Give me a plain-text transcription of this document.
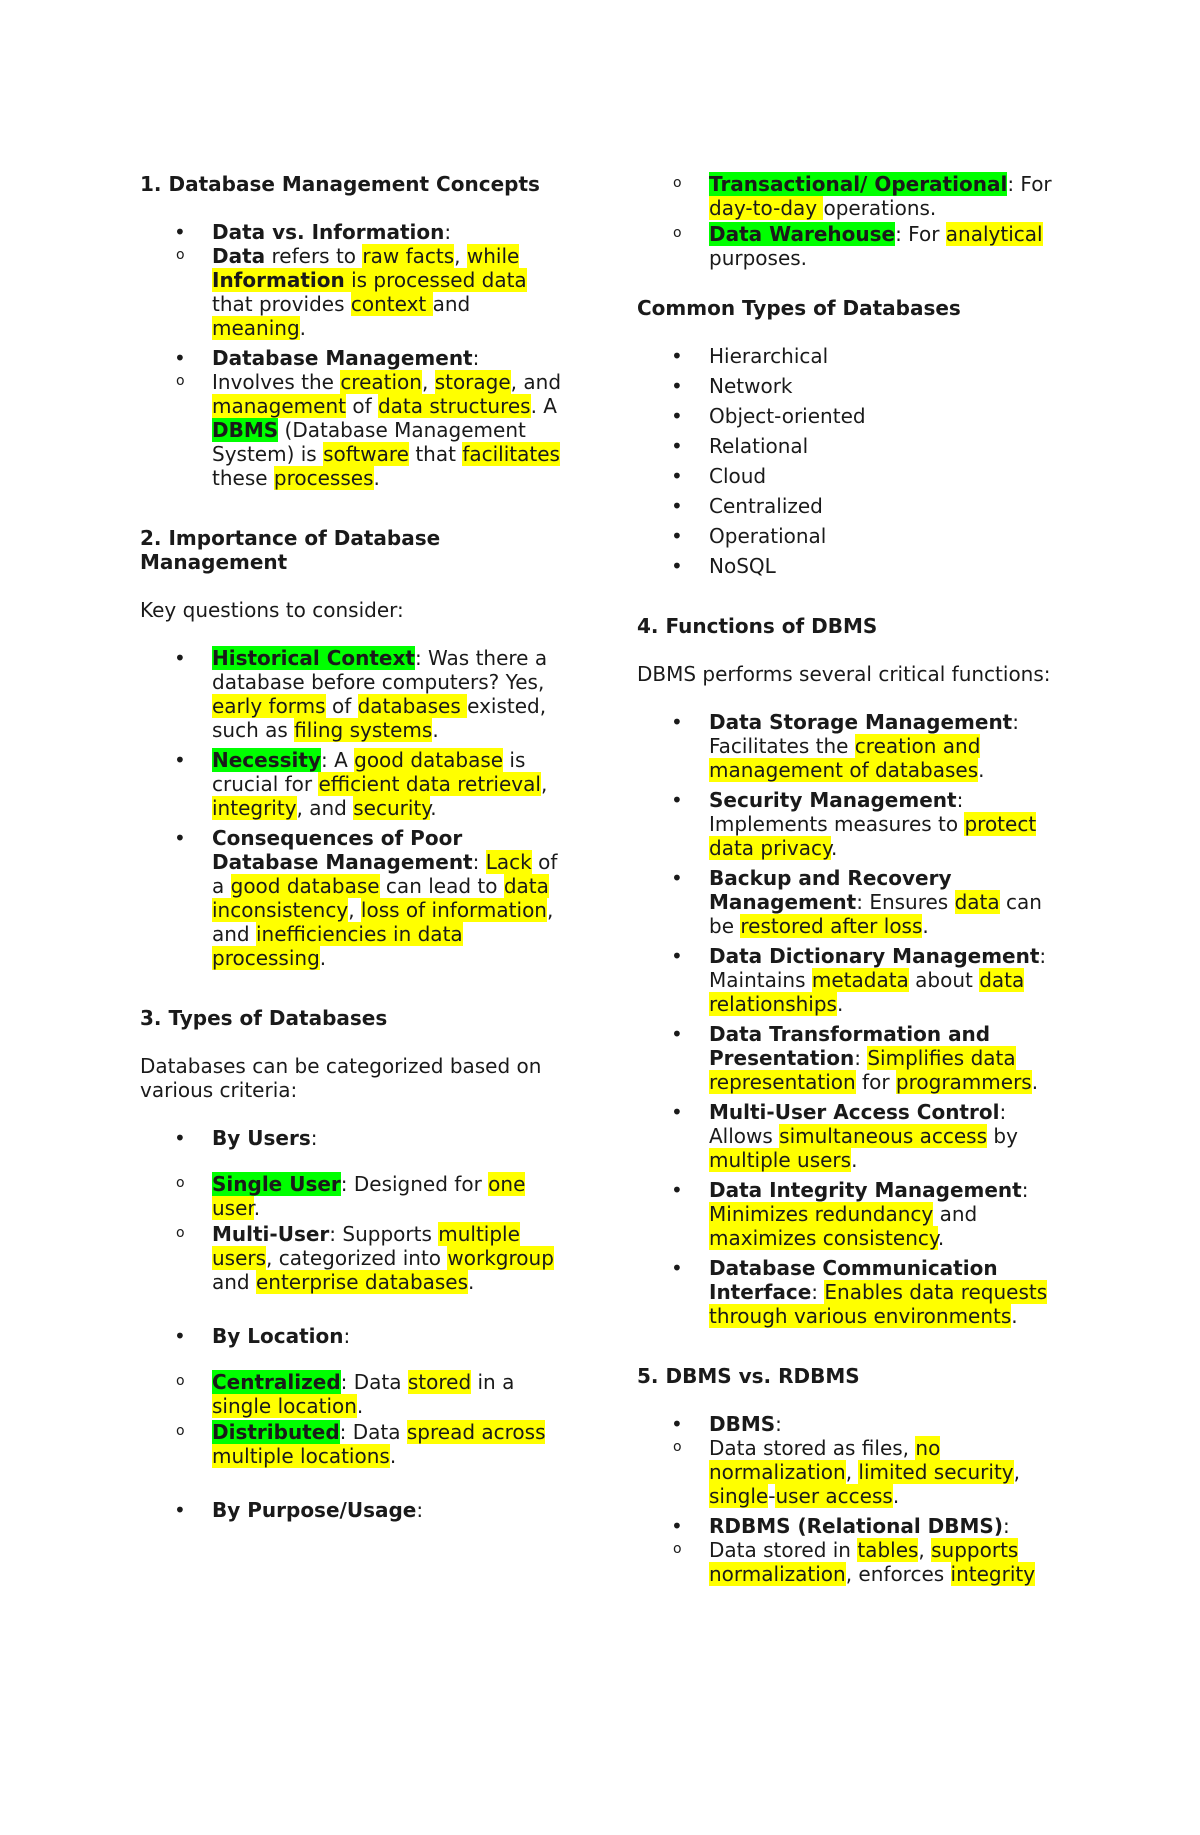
1. Database Management Concepts
• Data vs. Information:
o Data refers to raw facts, while Information is processed data that provides context and meaning.
• Database Management:
o Involves the creation, storage, and management of data structures. A DBMS (Database Management System) is software that facilitates these processes.
2. Importance of Database Management
Key questions to consider:
• Historical Context: Was there a database before computers? Yes, early forms of databases existed, such as filing systems.
• Necessity: A good database is crucial for efficient data retrieval, integrity, and security.
• Consequences of Poor Database Management: Lack of a good database can lead to data inconsistency, loss of information, and inefficiencies in data processing.
3. Types of Databases
Databases can be categorized based on various criteria:
• By Users:
o Single User: Designed for one user.
o Multi-User: Supports multiple users, categorized into workgroup and enterprise databases.
• By Location:
o Centralized: Data stored in a single location.
o Distributed: Data spread across multiple locations.
• By Purpose/Usage:
o Transactional/ Operational: For day-to-day operations.
o Data Warehouse: For analytical purposes.
Common Types of Databases
• Hierarchical
• Network
• Object-oriented
• Relational
• Cloud
• Centralized
• Operational
• NoSQL
4. Functions of DBMS
DBMS performs several critical functions:
• Data Storage Management: Facilitates the creation and management of databases.
• Security Management: Implements measures to protect data privacy.
• Backup and Recovery Management: Ensures data can be restored after loss.
• Data Dictionary Management: Maintains metadata about data relationships.
• Data Transformation and Presentation: Simplifies data representation for programmers.
• Multi-User Access Control: Allows simultaneous access by multiple users.
• Data Integrity Management: Minimizes redundancy and maximizes consistency.
• Database Communication Interface: Enables data requests through various environments.
5. DBMS vs. RDBMS
• DBMS:
o Data stored as files, no normalization, limited security, single-user access.
• RDBMS (Relational DBMS):
o Data stored in tables, supports normalization, enforces integrity
